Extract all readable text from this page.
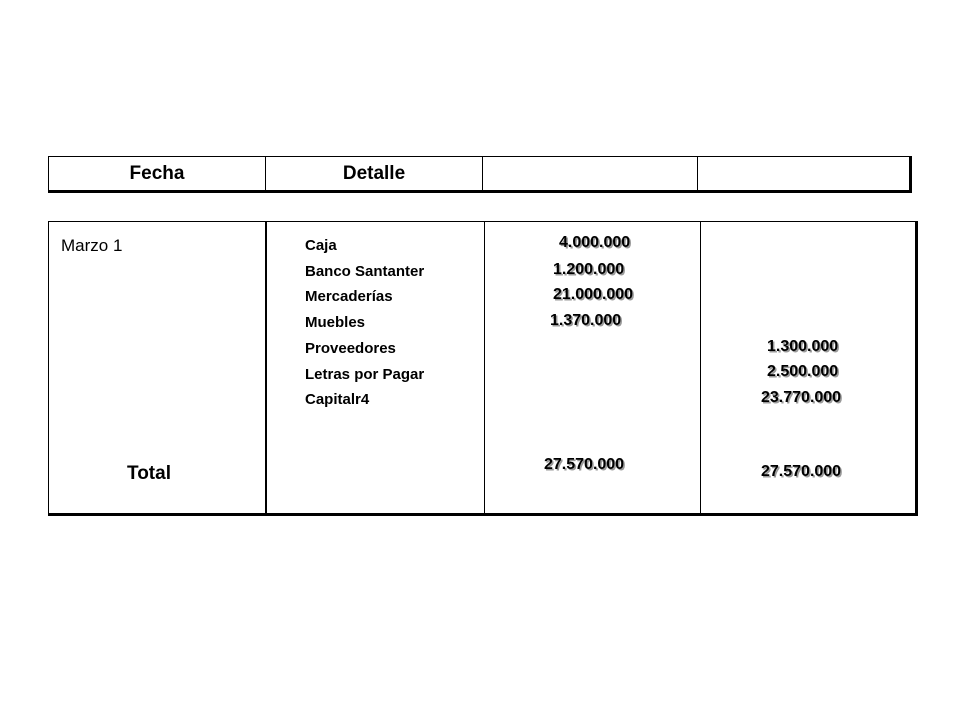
Fecha	Detalle
Marzo 1
Total
Caja
Banco Santanter
Mercaderías
Muebles
Proveedores
Letras por Pagar
Capitalr4
4.000.000
1.200.000
21.000.000
1.370.000
27.570.000
1.300.000
2.500.000
23.770.000
27.570.000
